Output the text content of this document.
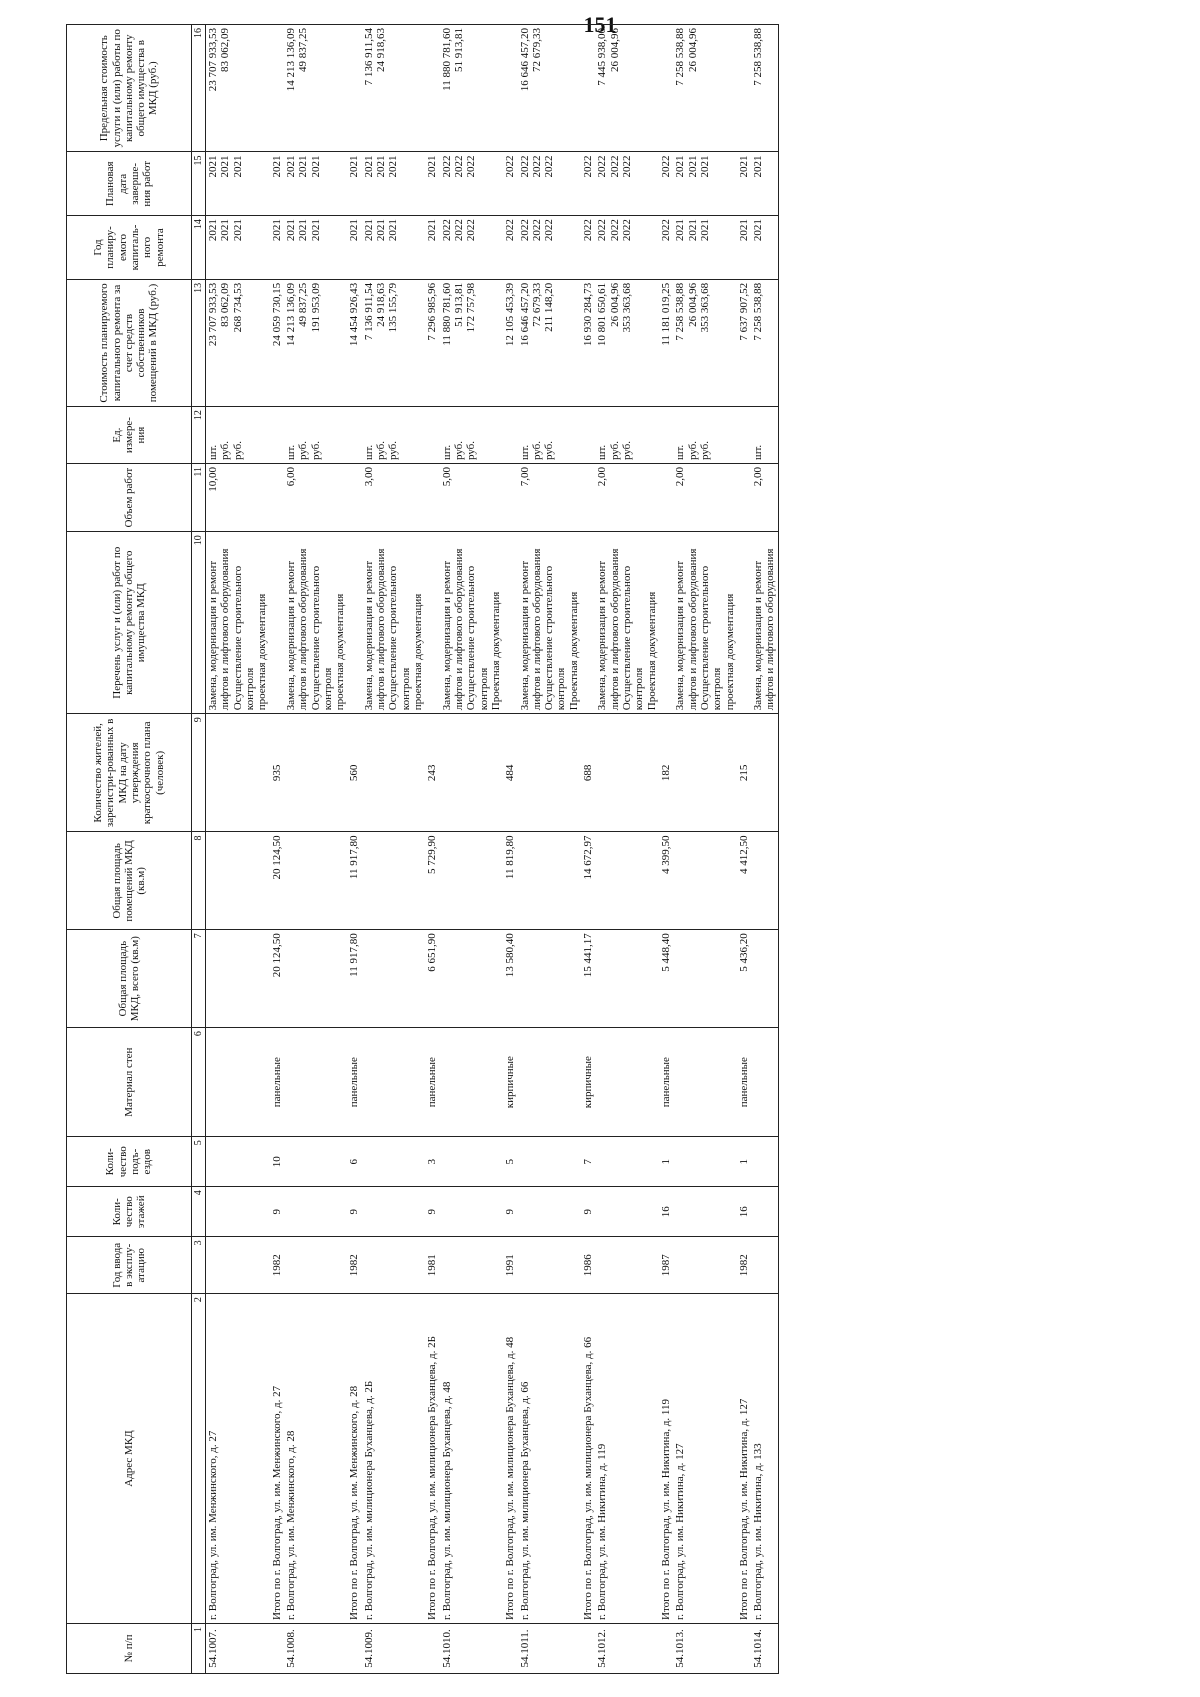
151
№ п/п	Адрес МКД	Год ввода в эксплу-атацию	Коли-чество этажей	Коли-чество подъ-ездов	Материал стен	Общая площадь МКД, всего (кв.м)	Общая площадь помещений МКД (кв.м)	Количество жителей, зарегистри-рованных в МКД на дату утверждения краткосрочного плана (человек)	Перечень услуг и (или) работ по капитальному ремонту общего имущества МКД	Объем работ	Ед. измере-ния	Стоимость планируемого капитального ремонта за счет средств собственников помещений в МКД (руб.)	Год планиру-емого капиталь-ного ремонта	Плановая дата заверше-ния работ	Предельная стоимость услуги и (или) работы по капитальному ремонту общего имущества в МКД (руб.)
1	2	3	4	5	6	7	8	9	10	11	12	13	14	15	16
54.1007.	г. Волгоград, ул. им. Менжинского, д. 27								Замена, модернизация и ремонт лифтов и лифтового оборудования Осуществление строительного контроля проектная документация	10,00	шт. руб. руб.	23 707 933,53 83 062,09 268 734,53	2021 2021 2021	2021 2021 2021	23 707 933,53 83 062,09

	Итого по г. Волгоград, ул. им. Менжинского, д. 27	1982	9	10	панельные	20 124,50	20 124,50	935				24 059 730,15	2021	2021	

54.1008.	г. Волгоград, ул. им. Менжинского, д. 28								Замена, модернизация и ремонт лифтов и лифтового оборудования Осуществление строительного контроля проектная документация	6,00	шт. руб. руб.	14 213 136,09 49 837,25 191 953,09	2021 2021 2021	2021 2021 2021	14 213 136,09 49 837,25

	Итого по г. Волгоград, ул. им. Менжинского, д. 28	1982	9	6	панельные	11 917,80	11 917,80	560				14 454 926,43	2021	2021	

54.1009.	г. Волгоград, ул. им. милиционера Буханцева, д. 2Б								Замена, модернизация и ремонт лифтов и лифтового оборудования Осуществление строительного контроля проектная документация	3,00	шт. руб. руб.	7 136 911,54 24 918,63 135 155,79	2021 2021 2021	2021 2021 2021	7 136 911,54 24 918,63

	Итого по г. Волгоград, ул. им. милиционера Буханцева, д. 2Б	1981	9	3	панельные	6 651,90	5 729,90	243				7 296 985,96	2021	2021	

54.1010.	г. Волгоград, ул. им. милиционера Буханцева, д. 48								Замена, модернизация и ремонт лифтов и лифтового оборудования Осуществление строительного контроля Проектная документация	5,00	шт. руб. руб.	11 880 781,60 51 913,81 172 757,98	2022 2022 2022	2022 2022 2022	11 880 781,60 51 913,81

	Итого по г. Волгоград, ул. им. милиционера Буханцева, д. 48	1991	9	5	кирпичные	13 580,40	11 819,80	484				12 105 453,39	2022	2022	

54.1011.	г. Волгоград, ул. им. милиционера Буханцева, д. 66								Замена, модернизация и ремонт лифтов и лифтового оборудования Осуществление строительного контроля Проектная документация	7,00	шт. руб. руб.	16 646 457,20 72 679,33 211 148,20	2022 2022 2022	2022 2022 2022	16 646 457,20 72 679,33

	Итого по г. Волгоград, ул. им. милиционера Буханцева, д. 66	1986	9	7	кирпичные	15 441,17	14 672,97	688				16 930 284,73	2022	2022	

54.1012.	г. Волгоград, ул. им. Никитина, д. 119								Замена, модернизация и ремонт лифтов и лифтового оборудования Осуществление строительного контроля Проектная документация	2,00	шт. руб. руб.	10 801 650,61 26 004,96 353 363,68	2022 2022 2022	2022 2022 2022	7 445 938,00 26 004,96

	Итого по г. Волгоград, ул. им. Никитина, д. 119	1987	16	1	панельные	5 448,40	4 399,50	182				11 181 019,25	2022	2022	

54.1013.	г. Волгоград, ул. им. Никитина, д. 127								Замена, модернизация и ремонт лифтов и лифтового оборудования Осуществление строительного контроля проектная документация	2,00	шт. руб. руб.	7 258 538,88 26 004,96 353 363,68	2021 2021 2021	2021 2021 2021	7 258 538,88 26 004,96

	Итого по г. Волгоград, ул. им. Никитина, д. 127	1982	16	1	панельные	5 436,20	4 412,50	215				7 637 907,52	2021	2021	

54.1014.	г. Волгоград, ул. им. Никитина, д. 133								Замена, модернизация и ремонт лифтов и лифтового оборудования	2,00	шт.	7 258 538,88	2021	2021	7 258 538,88
